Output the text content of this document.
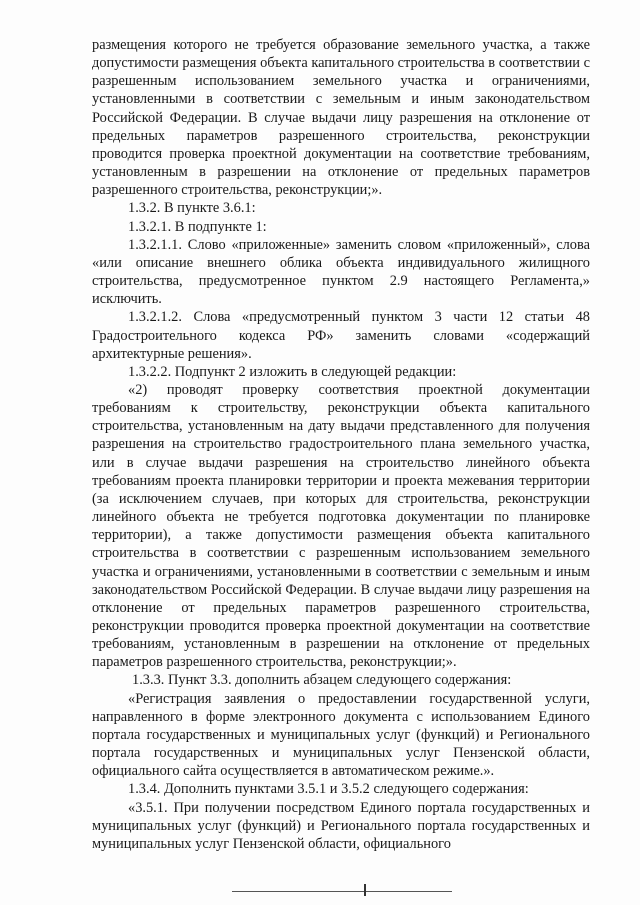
размещения которого не требуется образование земельного участка, а также допустимости размещения объекта капитального строительства в соответствии с разрешенным использованием земельного участка и ограничениями, установленными в соответствии с земельным и иным законодательством Российской Федерации. В случае выдачи лицу разрешения на отклонение от предельных параметров разрешенного строительства, реконструкции проводится проверка проектной документации на соответствие требованиям, установленным в разрешении на отклонение от предельных параметров разрешенного строительства, реконструкции;».

1.3.2. В пункте 3.6.1:

1.3.2.1. В подпункте 1:

1.3.2.1.1. Слово «приложенные» заменить словом «приложенный», слова «или описание внешнего облика объекта индивидуального жилищного строительства, предусмотренное пунктом 2.9 настоящего Регламента,» исключить.

1.3.2.1.2. Слова «предусмотренный пунктом 3 части 12 статьи 48 Градостроительного кодекса РФ» заменить словами «содержащий архитектурные решения».

1.3.2.2. Подпункт 2 изложить в следующей редакции:

«2) проводят проверку соответствия проектной документации требованиям к строительству, реконструкции объекта капитального строительства, установленным на дату выдачи представленного для получения разрешения на строительство градостроительного плана земельного участка, или в случае выдачи разрешения на строительство линейного объекта требованиям проекта планировки территории и проекта межевания территории (за исключением случаев, при которых для строительства, реконструкции линейного объекта не требуется подготовка документации по планировке территории), а также допустимости размещения объекта капитального строительства в соответствии с разрешенным использованием земельного участка и ограничениями, установленными в соответствии с земельным и иным законодательством Российской Федерации. В случае выдачи лицу разрешения на отклонение от предельных параметров разрешенного строительства, реконструкции проводится проверка проектной документации на соответствие требованиям, установленным в разрешении на отклонение от предельных параметров разрешенного строительства, реконструкции;».

1.3.3. Пункт 3.3. дополнить абзацем следующего содержания:

«Регистрация заявления о предоставлении государственной услуги, направленного в форме электронного документа с использованием Единого портала государственных и муниципальных услуг (функций) и Регионального портала государственных и муниципальных услуг Пензенской области, официального сайта осуществляется в автоматическом режиме.».

1.3.4. Дополнить пунктами 3.5.1 и 3.5.2 следующего содержания:

«3.5.1. При получении посредством Единого портала государственных и муниципальных услуг (функций) и Регионального портала государственных и муниципальных услуг Пензенской области, официального
